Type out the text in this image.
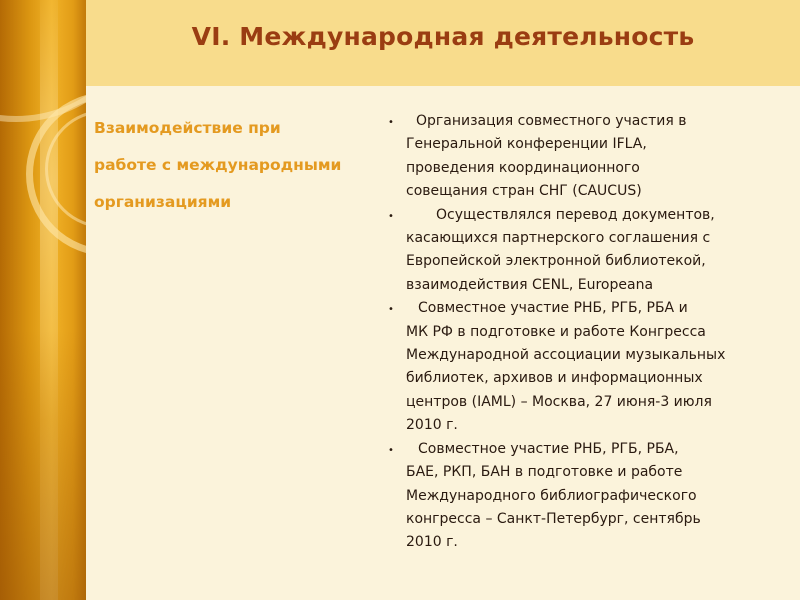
VI. Международная деятельность
Взаимодействие при
работе с международными
организациями
•	Организация совместного участия в
Генеральной конференции IFLA,
проведения координационного
совещания стран СНГ (CAUCUS)
•	Осуществлялся перевод документов,
касающихся партнерского соглашения с
Европейской электронной библиотекой,
взаимодействия CENL, Europeana
•	Совместное участие РНБ, РГБ, РБА и
МК РФ в подготовке и работе Конгресса
Международной ассоциации музыкальных
библиотек, архивов и информационных
центров (IAML) – Москва, 27 июня-3 июля
2010 г.
•	Совместное участие РНБ, РГБ, РБА,
БАЕ, РКП, БАН в подготовке и работе
Международного библиографического
конгресса – Санкт-Петербург, сентябрь
2010 г.
